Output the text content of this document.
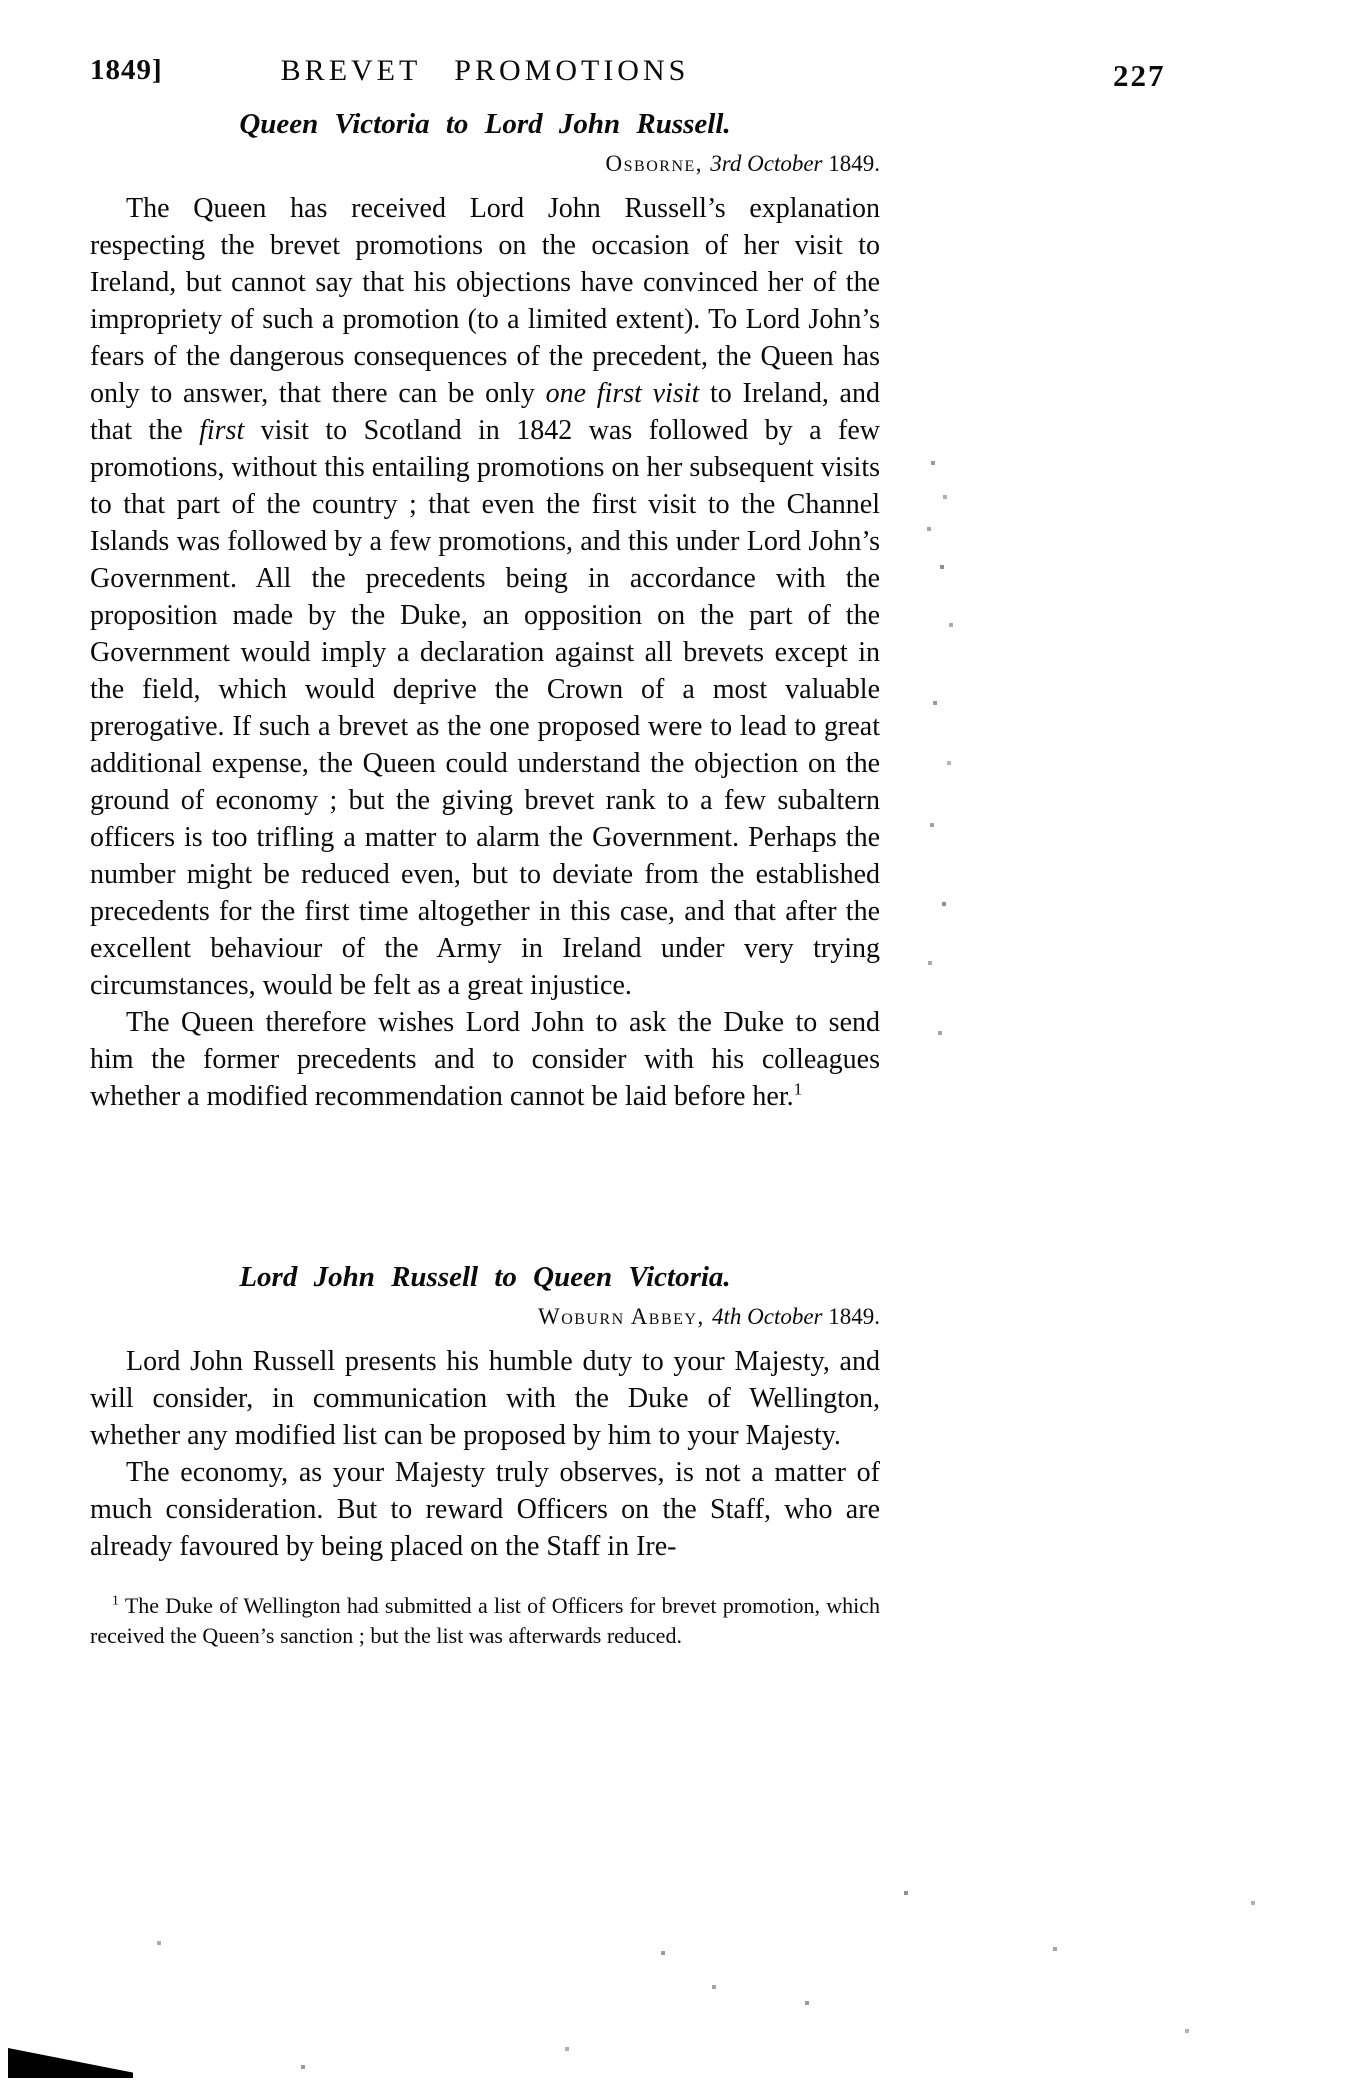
227
1849]	BREVET PROMOTIONS
Queen Victoria to Lord John Russell.

Osborne, 3rd October 1849.

The Queen has received Lord John Russell’s explanation respecting the brevet promotions on the occasion of her visit to Ireland, but cannot say that his objections have convinced her of the impropriety of such a promotion (to a limited extent). To Lord John’s fears of the dangerous consequences of the precedent, the Queen has only to answer, that there can be only one first visit to Ireland, and that the first visit to Scotland in 1842 was followed by a few promotions, without this entailing promotions on her subsequent visits to that part of the country ; that even the first visit to the Channel Islands was followed by a few promotions, and this under Lord John’s Government. All the precedents being in accordance with the proposition made by the Duke, an opposition on the part of the Government would imply a declaration against all brevets except in the field, which would deprive the Crown of a most valuable prerogative. If such a brevet as the one proposed were to lead to great additional expense, the Queen could understand the objection on the ground of economy ; but the giving brevet rank to a few subaltern officers is too trifling a matter to alarm the Government. Perhaps the number might be reduced even, but to deviate from the established precedents for the first time altogether in this case, and that after the excellent behaviour of the Army in Ireland under very trying circumstances, would be felt as a great injustice.

The Queen therefore wishes Lord John to ask the Duke to send him the former precedents and to consider with his colleagues whether a modified recommendation cannot be laid before her.$^1$

Lord John Russell to Queen Victoria.

Woburn Abbey, 4th October 1849.

Lord John Russell presents his humble duty to your Majesty, and will consider, in communication with the Duke of Wellington, whether any modified list can be proposed by him to your Majesty.

The economy, as your Majesty truly observes, is not a matter of much consideration. But to reward Officers on the Staff, who are already favoured by being placed on the Staff in Ire-

$^1$ The Duke of Wellington had submitted a list of Officers for brevet promotion, which received the Queen’s sanction ; but the list was afterwards reduced.
